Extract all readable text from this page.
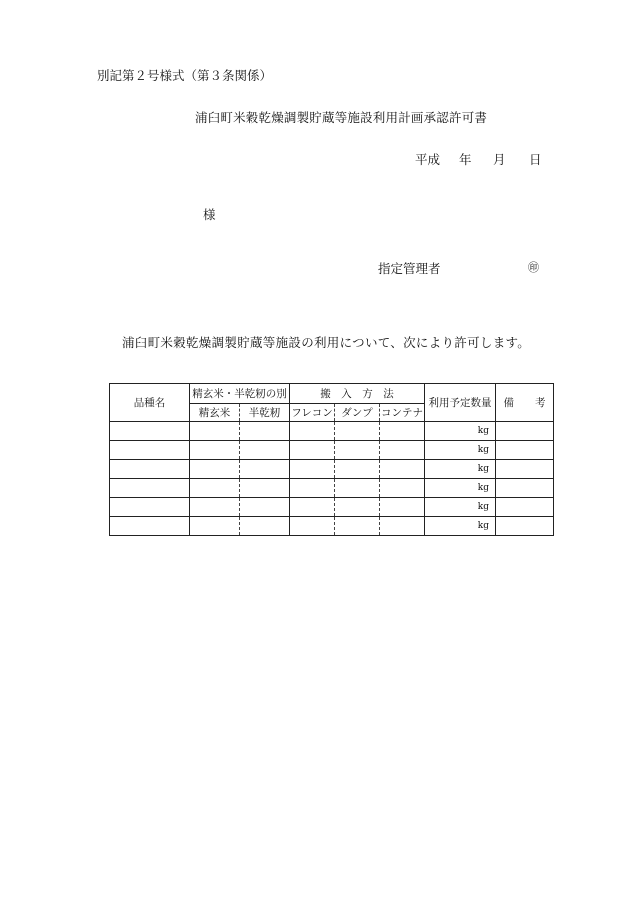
別記第２号様式（第３条関係）
浦臼町米穀乾燥調製貯蔵等施設利用計画承認許可書
平成 年 月 日
様
指定管理者	㊞
浦臼町米穀乾燥調製貯蔵等施設の利用について、次により許可します。
品種名	精玄米・半乾籾の別		搬　入　方　法			利用予定数量	備　　考
	精玄米	半乾籾	フレコン	ダンプ	コンテナ		
						kg	
						kg	
						kg	
						kg	
						kg	
						kg	
